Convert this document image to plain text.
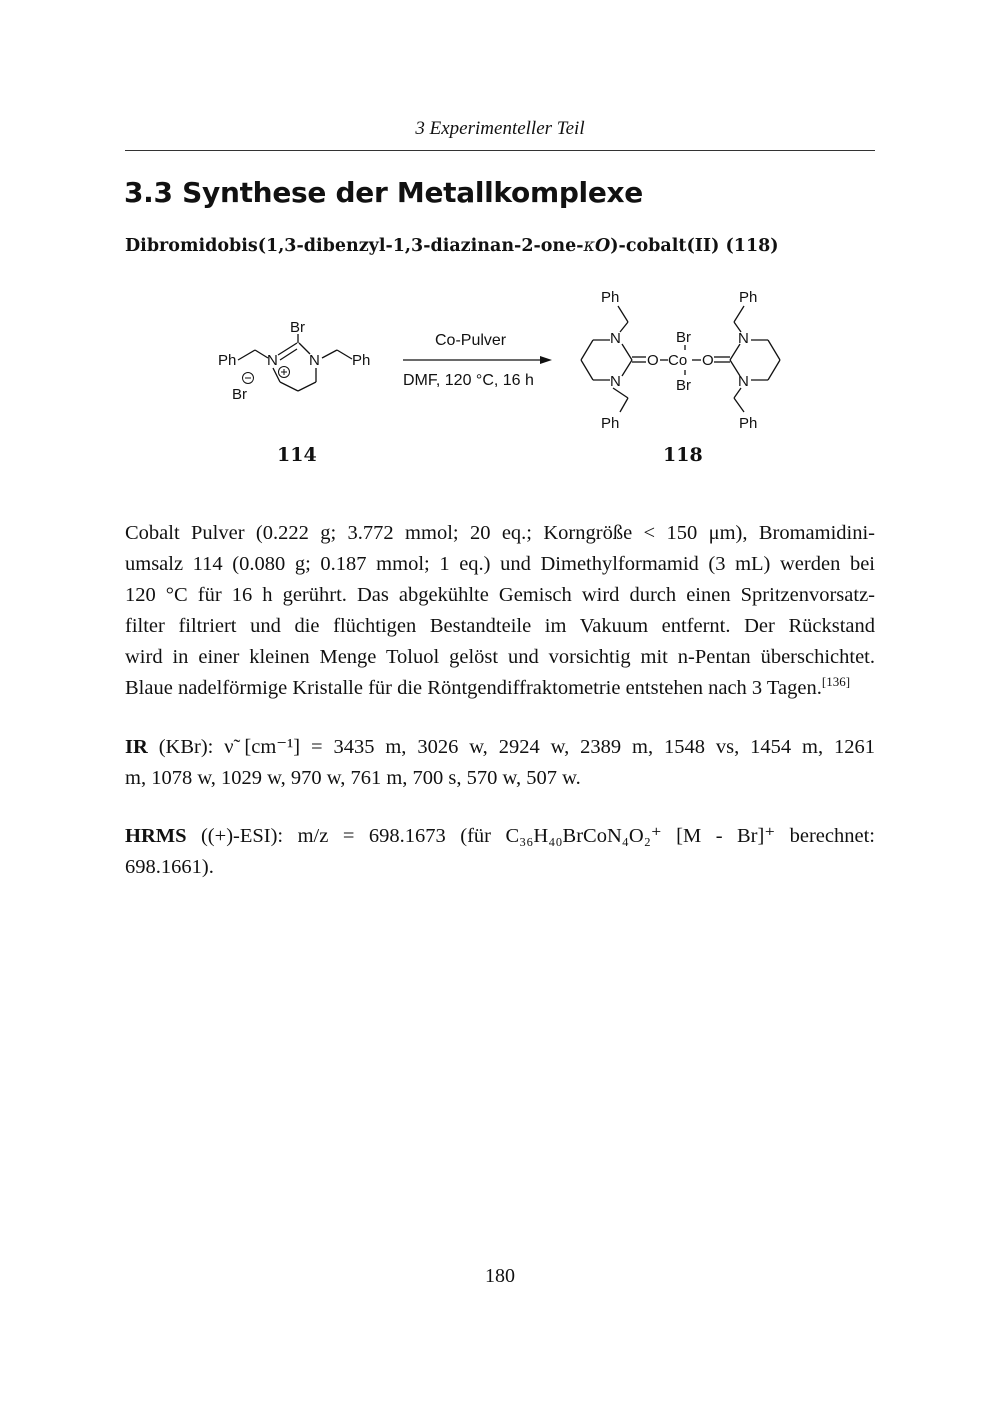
3 Experimenteller Teil
3.3 Synthese der Metallkomplexe
Dibromidobis(1,3-dibenzyl-1,3-diazinan-2-one-κO)-cobalt(II) (118)
Ph N
Br
N Ph
Br
Co-Pulver
DMF, 120 °C, 16 h
Ph
N
N
O Co
Br
Br
O
N
N
Ph
Ph	Ph
114	118
Cobalt Pulver (0.222 g; 3.772 mmol; 20 eq.; Korngröße < 150 μm), Bromamidini-
umsalz 114 (0.080 g; 0.187 mmol; 1 eq.) und Dimethylformamid (3 mL) werden bei
120 °C für 16 h gerührt. Das abgekühlte Gemisch wird durch einen Spritzenvorsatz-
filter filtriert und die flüchtigen Bestandteile im Vakuum entfernt. Der Rückstand
wird in einer kleinen Menge Toluol gelöst und vorsichtig mit n-Pentan überschichtet.
Blaue nadelförmige Kristalle für die Röntgendiffraktometrie entstehen nach 3 Tagen.[136]
IR (KBr): ν̃ [cm⁻¹] = 3435 m, 3026 w, 2924 w, 2389 m, 1548 vs, 1454 m, 1261
m, 1078 w, 1029 w, 970 w, 761 m, 700 s, 570 w, 507 w.
HRMS ((+)-ESI): m/z = 698.1673 (für C₃₆H₄₀BrCoN₄O₂⁺ [M - Br]⁺ berechnet:
698.1661).
180
